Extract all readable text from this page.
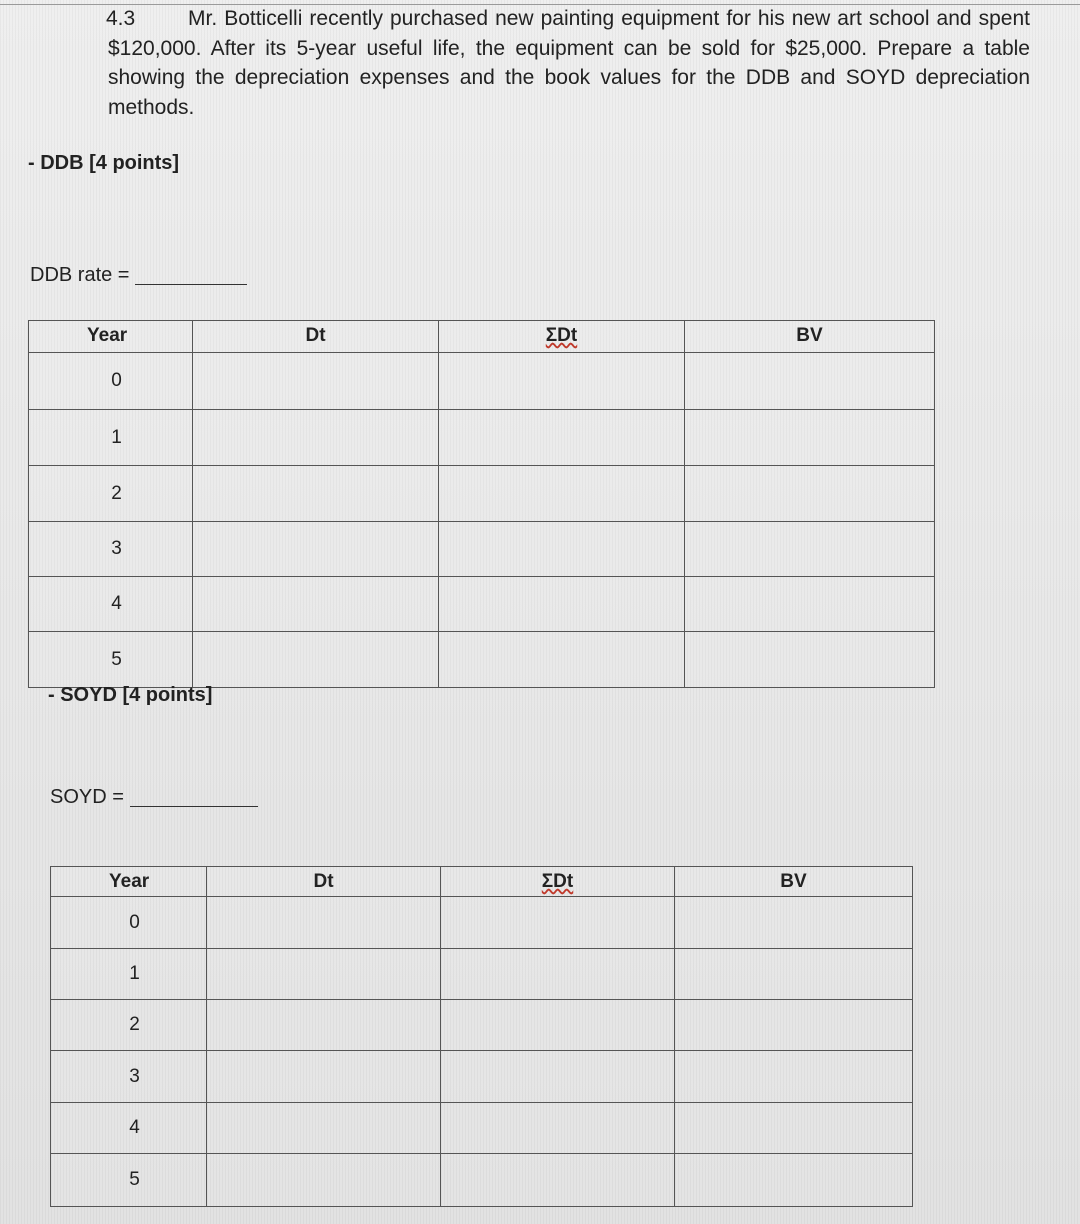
4.3	Mr. Botticelli recently purchased new painting equipment for his new art school and spent $120,000. After its 5-year useful life, the equipment can be sold for $25,000. Prepare a table showing the depreciation expenses and the book values for the DDB and SOYD depreciation methods.
- DDB [4 points]
DDB rate =
Year	Dt	ΣDt	BV
0			
1			
2			
3			
4			
5			
- SOYD [4 points]
SOYD =
Year	Dt	ΣDt	BV
0			
1			
2			
3			
4			
5			
